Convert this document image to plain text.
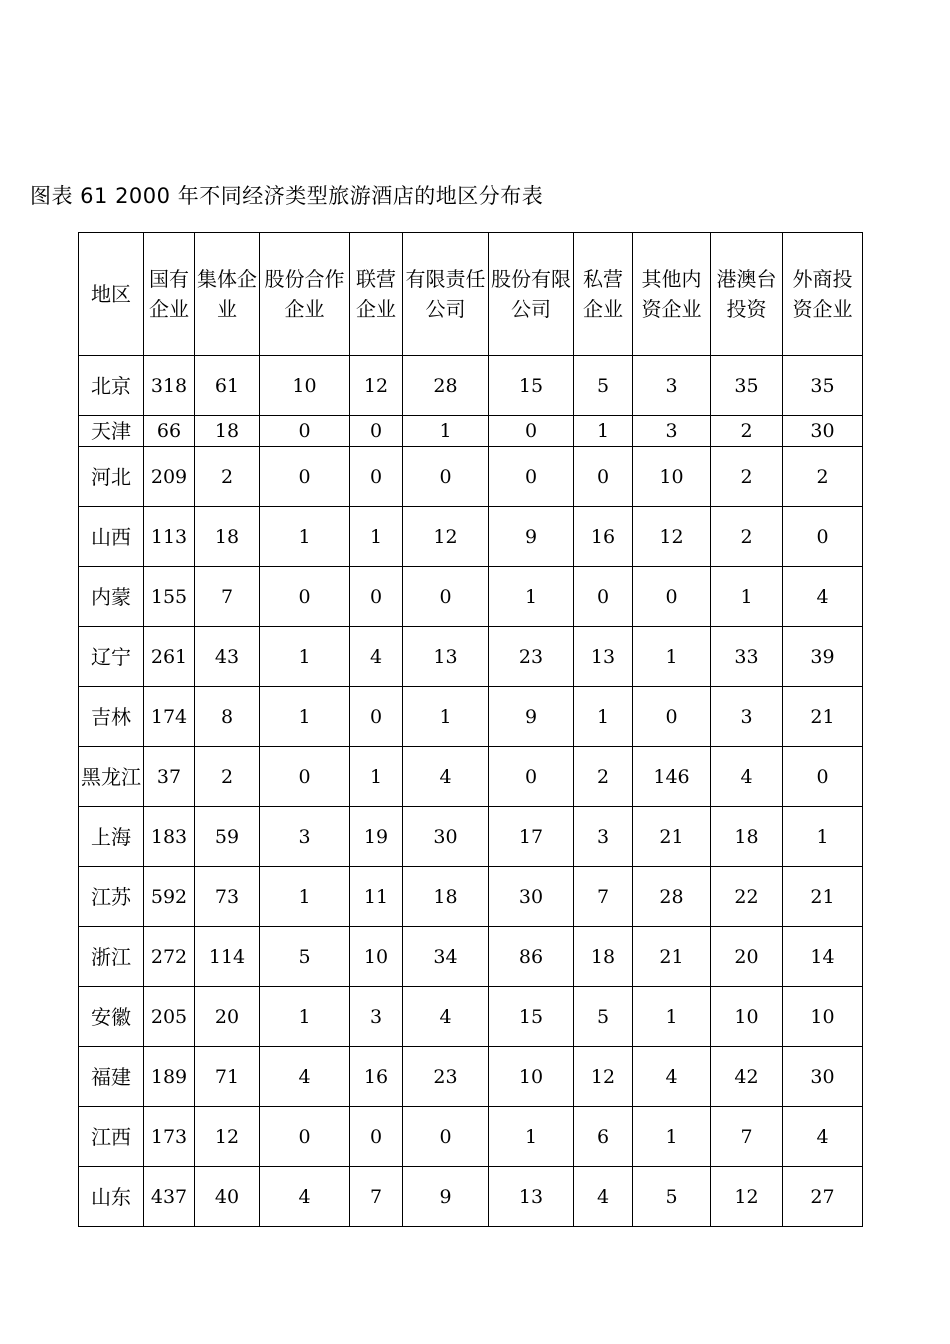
图表 61 2000 年不同经济类型旅游酒店的地区分布表
地区	国有企业	集体企业	股份合作企业	联营企业	有限责任公司	股份有限公司	私营企业	其他内资企业	港澳台投资	外商投资企业
北京	318	61	10	12	28	15	5	3	35	35
天津	66	18	0	0	1	0	1	3	2	30
河北	209	2	0	0	0	0	0	10	2	2
山西	113	18	1	1	12	9	16	12	2	0
内蒙	155	7	0	0	0	1	0	0	1	4
辽宁	261	43	1	4	13	23	13	1	33	39
吉林	174	8	1	0	1	9	1	0	3	21
黑龙江	37	2	0	1	4	0	2	146	4	0
上海	183	59	3	19	30	17	3	21	18	1
江苏	592	73	1	11	18	30	7	28	22	21
浙江	272	114	5	10	34	86	18	21	20	14
安徽	205	20	1	3	4	15	5	1	10	10
福建	189	71	4	16	23	10	12	4	42	30
江西	173	12	0	0	0	1	6	1	7	4
山东	437	40	4	7	9	13	4	5	12	27
